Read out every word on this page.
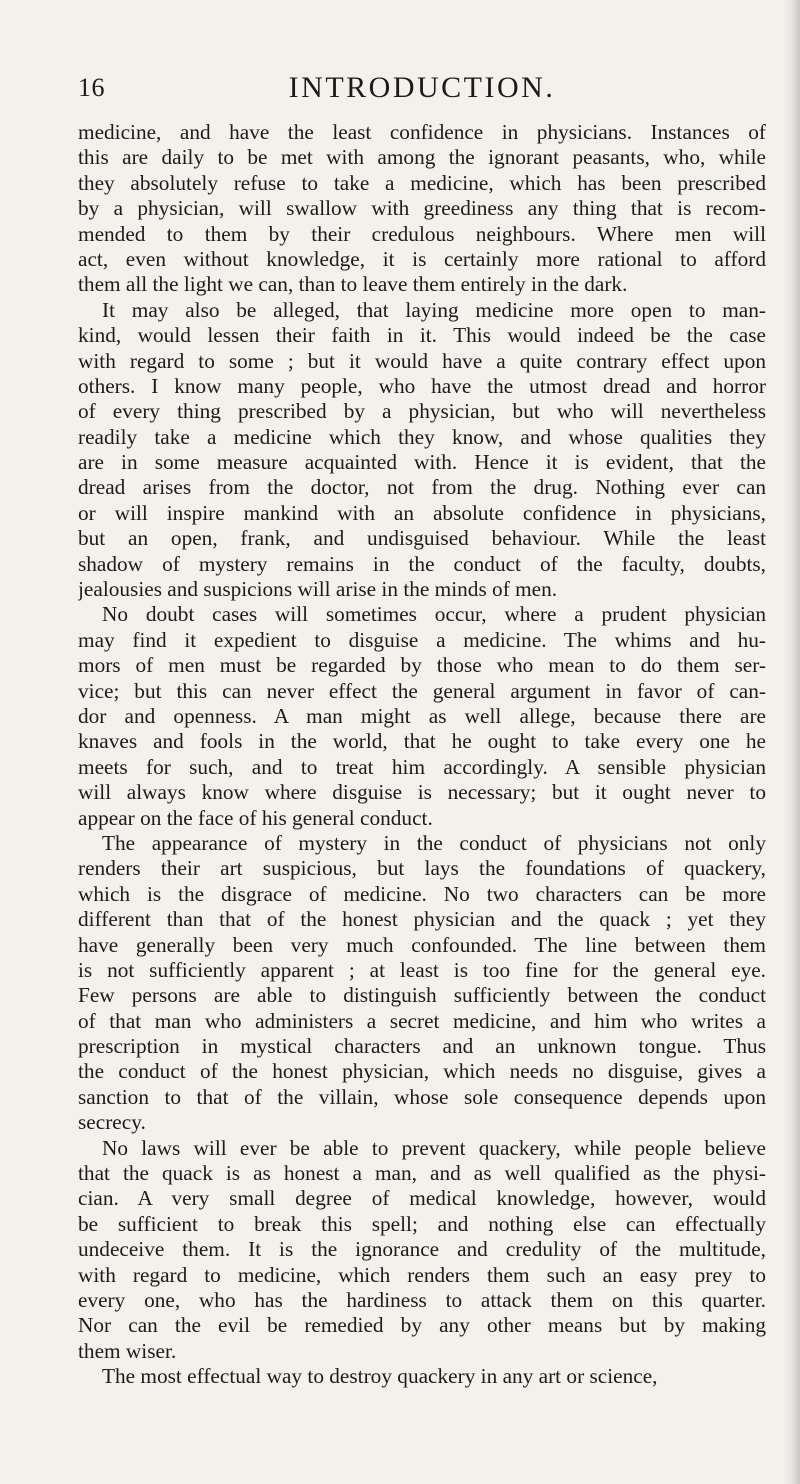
16	INTRODUCTION.
medicine, and have the least confidence in physicians. Instances of
this are daily to be met with among the ignorant peasants, who, while
they absolutely refuse to take a medicine, which has been prescribed
by a physician, will swallow with greediness any thing that is recom-
mended to them by their credulous neighbours. Where men will
act, even without knowledge, it is certainly more rational to afford
them all the light we can, than to leave them entirely in the dark.
It may also be alleged, that laying medicine more open to man-
kind, would lessen their faith in it. This would indeed be the case
with regard to some ; but it would have a quite contrary effect upon
others. I know many people, who have the utmost dread and horror
of every thing prescribed by a physician, but who will nevertheless
readily take a medicine which they know, and whose qualities they
are in some measure acquainted with. Hence it is evident, that the
dread arises from the doctor, not from the drug. Nothing ever can
or will inspire mankind with an absolute confidence in physicians,
but an open, frank, and undisguised behaviour. While the least
shadow of mystery remains in the conduct of the faculty, doubts,
jealousies and suspicions will arise in the minds of men.
No doubt cases will sometimes occur, where a prudent physician
may find it expedient to disguise a medicine. The whims and hu-
mors of men must be regarded by those who mean to do them ser-
vice; but this can never effect the general argument in favor of can-
dor and openness. A man might as well allege, because there are
knaves and fools in the world, that he ought to take every one he
meets for such, and to treat him accordingly. A sensible physician
will always know where disguise is necessary; but it ought never to
appear on the face of his general conduct.
The appearance of mystery in the conduct of physicians not only
renders their art suspicious, but lays the foundations of quackery,
which is the disgrace of medicine. No two characters can be more
different than that of the honest physician and the quack ; yet they
have generally been very much confounded. The line between them
is not sufficiently apparent ; at least is too fine for the general eye.
Few persons are able to distinguish sufficiently between the conduct
of that man who administers a secret medicine, and him who writes a
prescription in mystical characters and an unknown tongue. Thus
the conduct of the honest physician, which needs no disguise, gives a
sanction to that of the villain, whose sole consequence depends upon
secrecy.
No laws will ever be able to prevent quackery, while people believe
that the quack is as honest a man, and as well qualified as the physi-
cian. A very small degree of medical knowledge, however, would
be sufficient to break this spell; and nothing else can effectually
undeceive them. It is the ignorance and credulity of the multitude,
with regard to medicine, which renders them such an easy prey to
every one, who has the hardiness to attack them on this quarter.
Nor can the evil be remedied by any other means but by making
them wiser.
The most effectual way to destroy quackery in any art or science,
